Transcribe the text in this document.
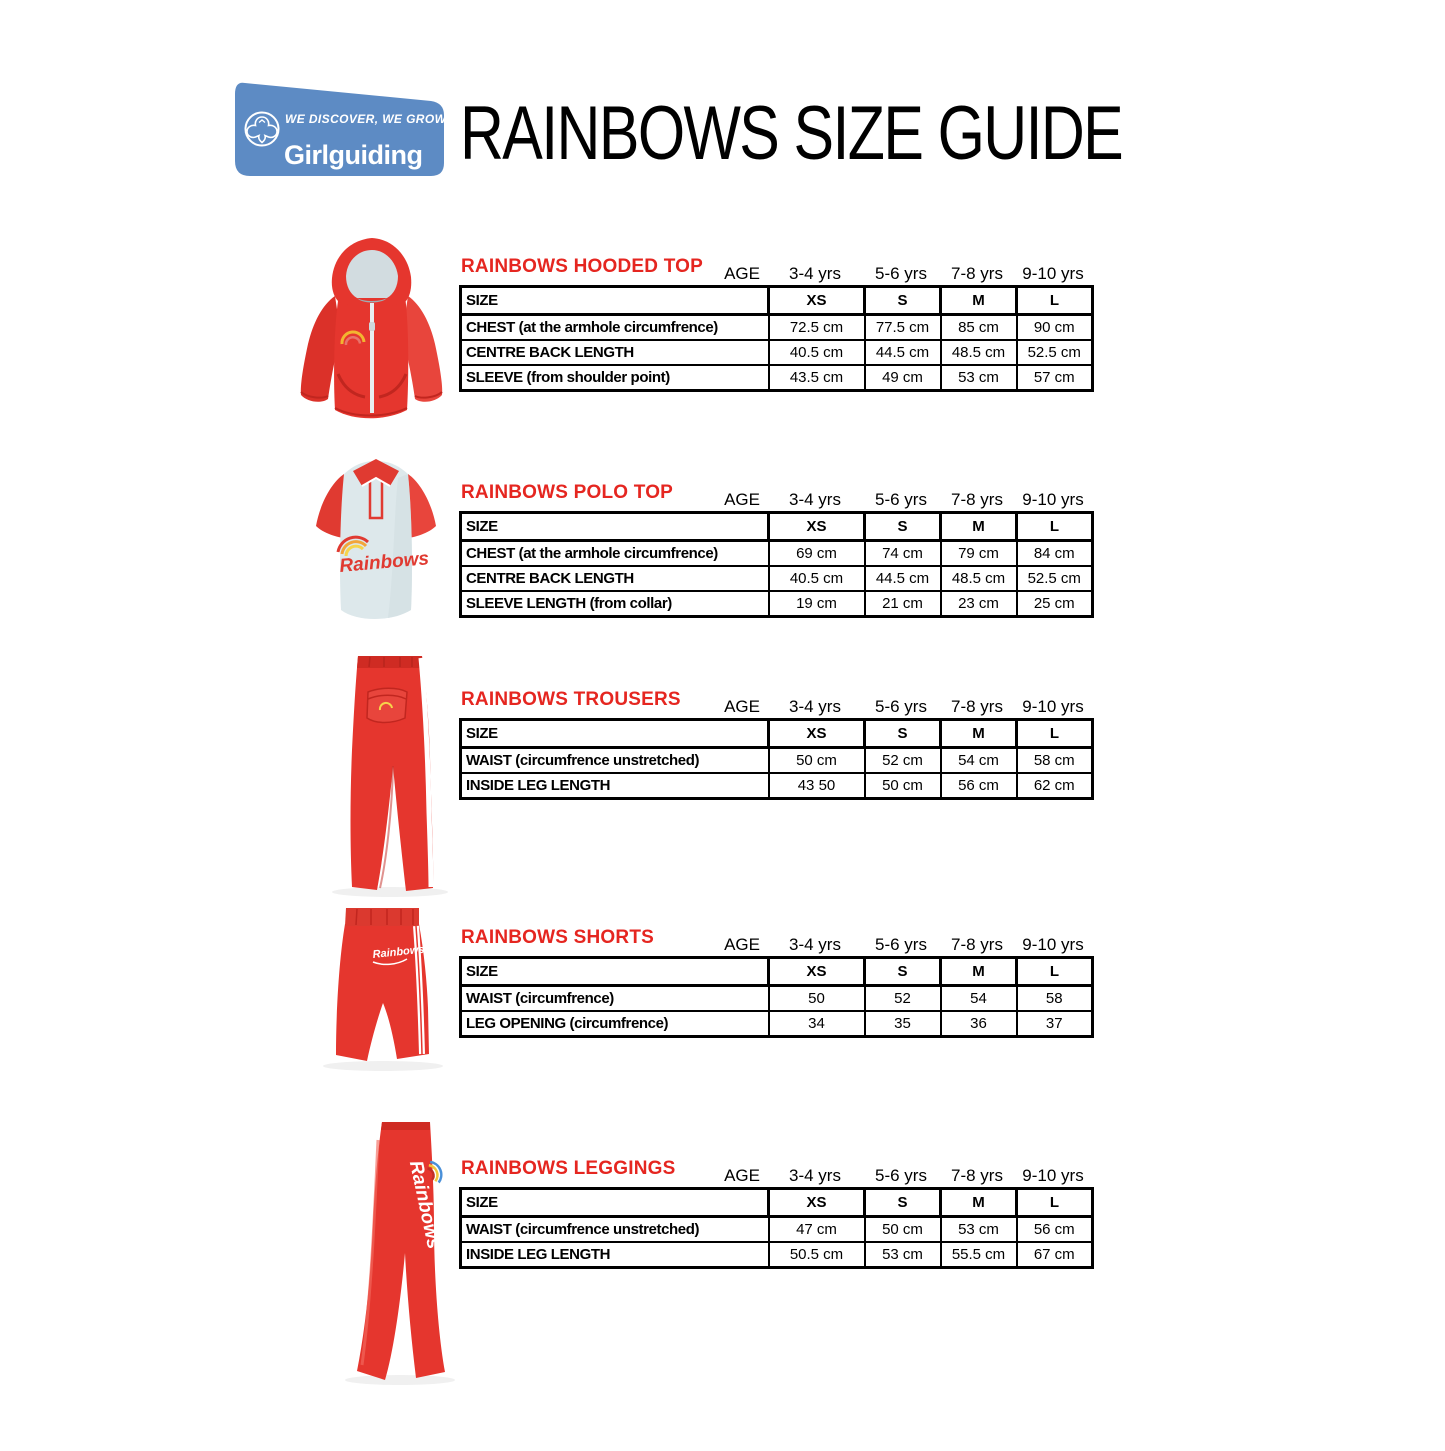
WE DISCOVER, WE GROW
Girlguiding RAINBOWS SIZE GUIDE
Rainbows
Rainbows
Rainbows
RAINBOWS HOODED TOP	AGE	3-4 yrs	5-6 yrs	7-8 yrs	9-10 yrs
SIZE	XS	S	M	L
CHEST (at the armhole circumfrence)	72.5 cm	77.5 cm	85 cm	90 cm
CENTRE BACK LENGTH	40.5 cm	44.5 cm	48.5 cm	52.5 cm
SLEEVE (from shoulder point)	43.5 cm	49 cm	53 cm	57 cm
RAINBOWS POLO TOP	AGE	3-4 yrs	5-6 yrs	7-8 yrs	9-10 yrs
SIZE	XS	S	M	L
CHEST (at the armhole circumfrence)	69 cm	74 cm	79 cm	84 cm
CENTRE BACK LENGTH	40.5 cm	44.5 cm	48.5 cm	52.5 cm
SLEEVE LENGTH (from collar)	19 cm	21 cm	23 cm	25 cm
RAINBOWS TROUSERS	AGE	3-4 yrs	5-6 yrs	7-8 yrs	9-10 yrs
SIZE	XS	S	M	L
WAIST (circumfrence unstretched)	50 cm	52 cm	54 cm	58 cm
INSIDE LEG LENGTH	43 50	50 cm	56 cm	62 cm
RAINBOWS SHORTS	AGE	3-4 yrs	5-6 yrs	7-8 yrs	9-10 yrs
SIZE	XS	S	M	L
WAIST (circumfrence)	50	52	54	58
LEG OPENING (circumfrence)	34	35	36	37
RAINBOWS LEGGINGS	AGE	3-4 yrs	5-6 yrs	7-8 yrs	9-10 yrs
SIZE	XS	S	M	L
WAIST (circumfrence unstretched)	47 cm	50 cm	53 cm	56 cm
INSIDE LEG LENGTH	50.5 cm	53 cm	55.5 cm	67 cm
